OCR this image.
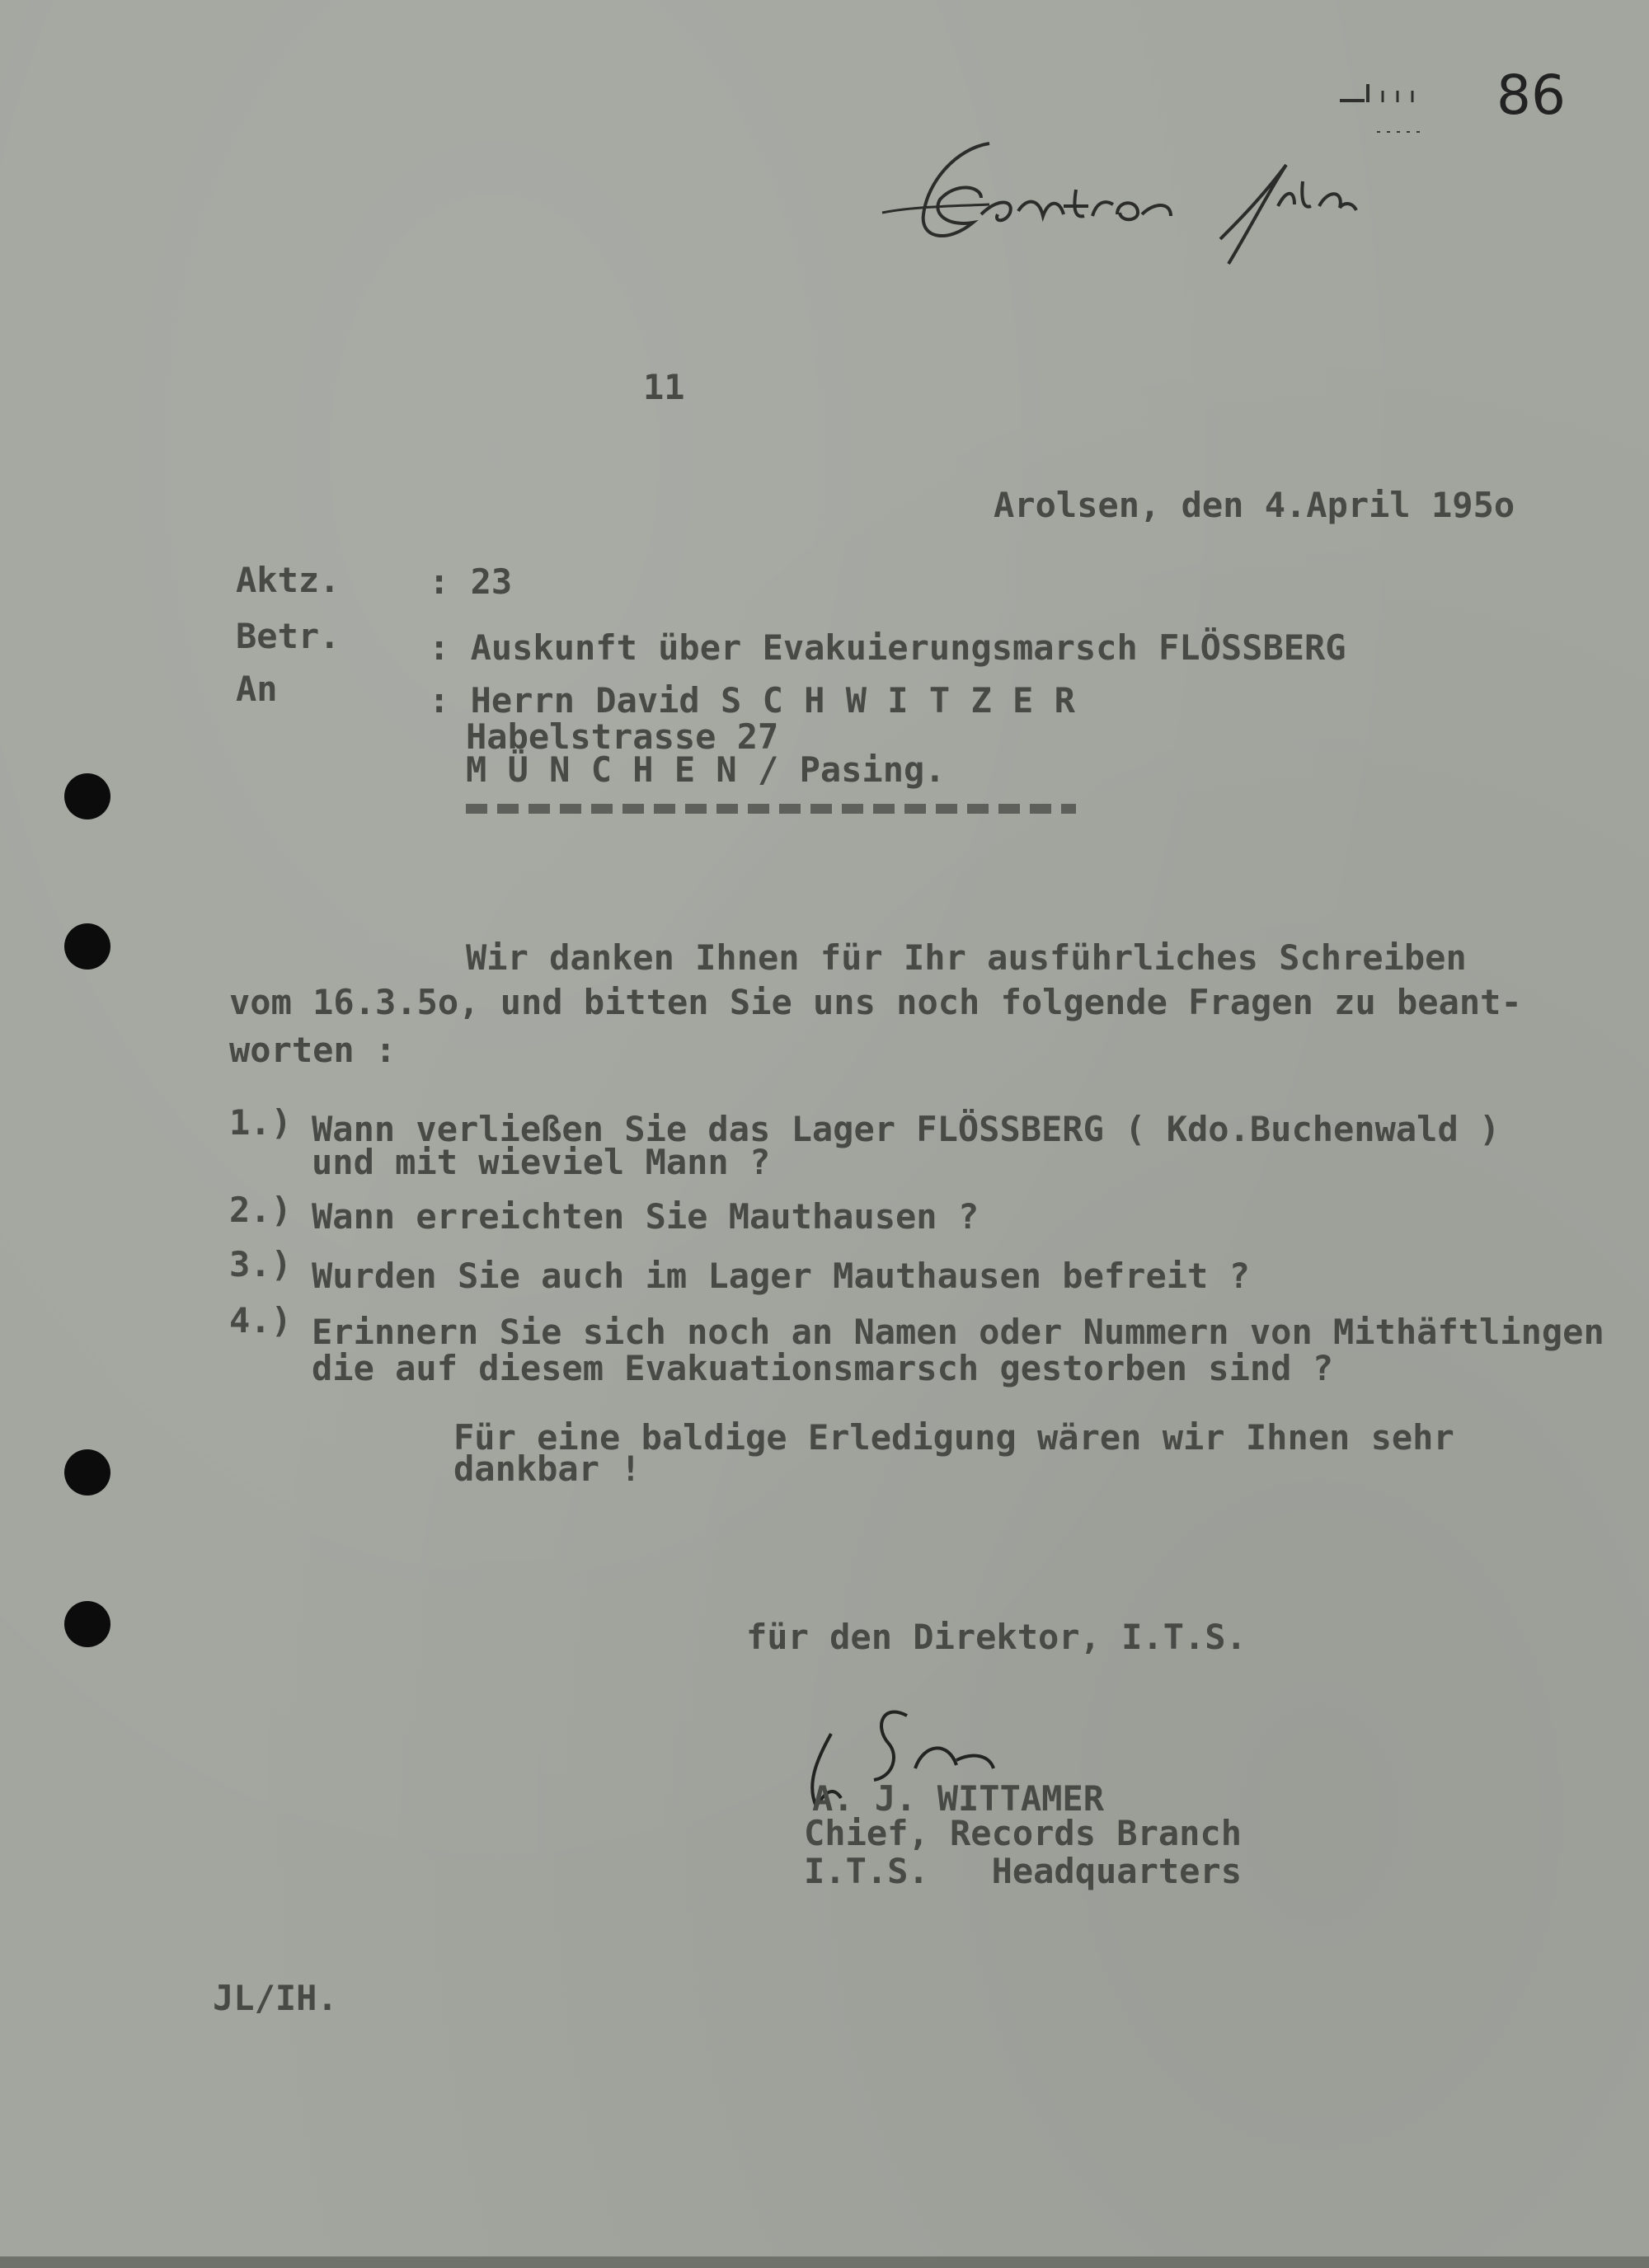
86
11
Arolsen, den 4.April 195o
Aktz.	: 23
Betr.	: Auskunft über Evakuierungsmarsch FLÖSSBERG
An	: Herrn David S C H W I T Z E R
Habelstrasse 27
M Ü N C H E N / Pasing.
Wir danken Ihnen für Ihr ausführliches Schreiben
vom 16.3.5o, und bitten Sie uns noch folgende Fragen zu beant-
worten :
1.) Wann verließen Sie das Lager FLÖSSBERG ( Kdo.Buchenwald )
und mit wieviel Mann ?
2.) Wann erreichten Sie Mauthausen ?
3.) Wurden Sie auch im Lager Mauthausen befreit ?
4.) Erinnern Sie sich noch an Namen oder Nummern von Mithäftlingen
die auf diesem Evakuationsmarsch gestorben sind ?
Für eine baldige Erledigung wären wir Ihnen sehr
dankbar !
für den Direktor, I.T.S.
A. J. WITTAMER
Chief, Records Branch
I.T.S.   Headquarters
JL/IH.
